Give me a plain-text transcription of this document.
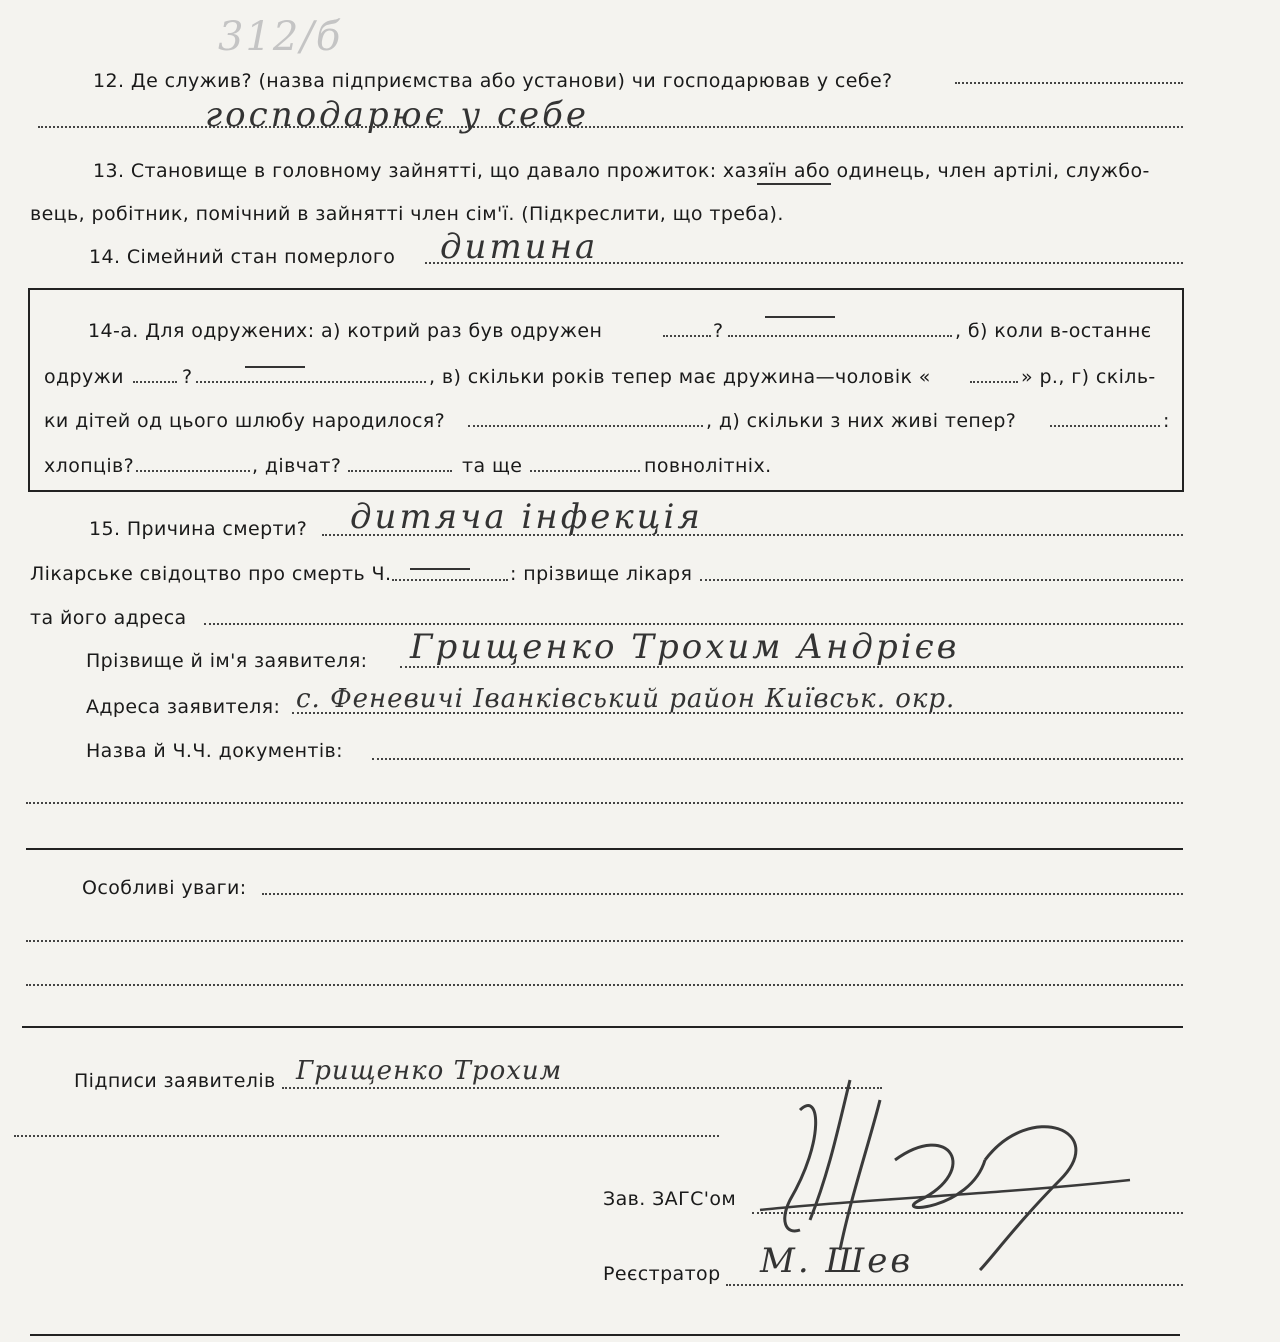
312/б
12. Де служив? (назва підприємства або установи) чи господарював у себе?
господарює у себе
13. Становище в головному зайнятті, що давало прожиток: хазяїн або одинець, член артілі, службо-
вець, робітник, помічний в зайнятті член сім'ї. (Підкреслити, що треба).
14. Сімейний стан померлого дитина
14-а. Для одружених: а) котрий раз був одружен	?	, б) коли в-останнє
одружи	?	, в) скільки років тепер має дружина—чоловік «	» р., г) скіль-
ки дітей од цього шлюбу народилося?	, д) скільки з них живі тепер?	:
хлопців?	, дівчат?	та ще	повнолітніх.
15. Причина смерти? дитяча інфекція
Лікарське свідоцтво про смерть Ч.	: прізвище лікаря
та його адреса
Прізвище й ім'я заявителя: Грищенко Трохим Андрієв
Адреса заявителя: с. Феневичі Іванківський район Київськ. окр.
Назва й Ч.Ч. документів:
Особливі уваги:
Підписи заявителів Грищенко Трохим
Зав. ЗАГС'ом
Реєстратор М. Шев
